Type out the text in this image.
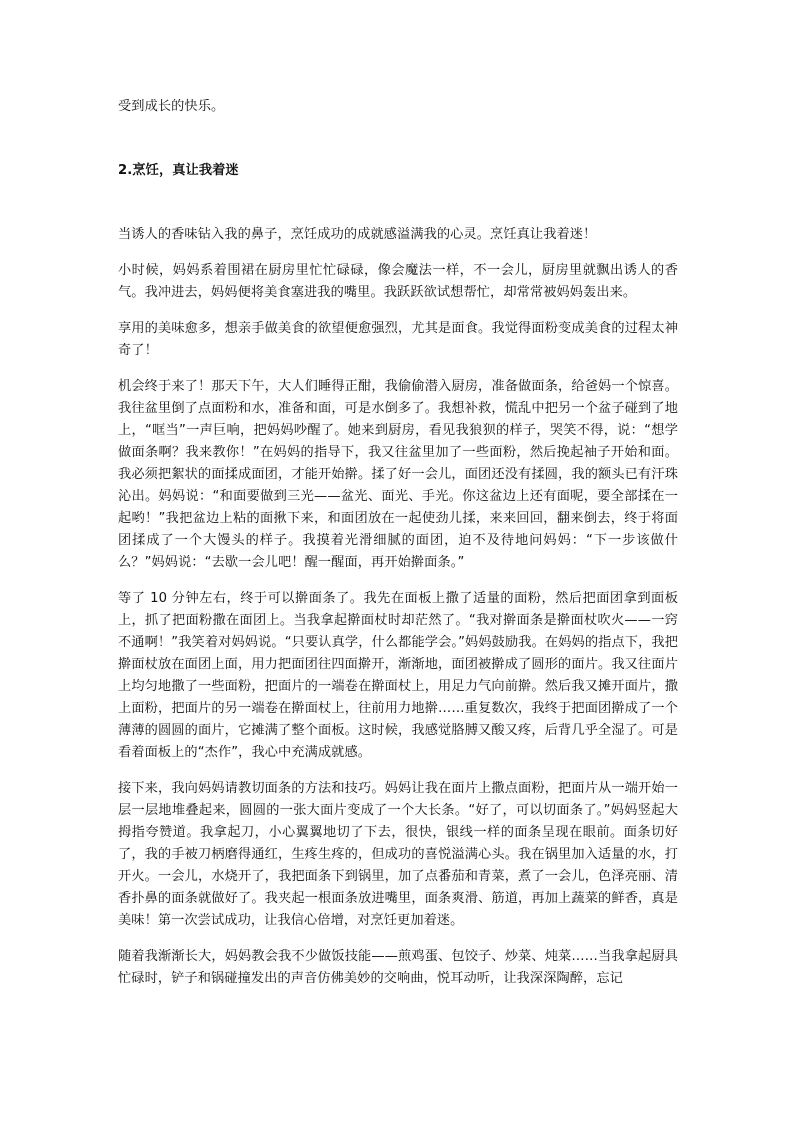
受到成长的快乐。

2.烹饪，真让我着迷

当诱人的香味钻入我的鼻子，烹饪成功的成就感溢满我的心灵。烹饪真让我着迷！

小时候，妈妈系着围裙在厨房里忙忙碌碌，像会魔法一样，不一会儿，厨房里就飘出诱人的香气。我冲进去，妈妈便将美食塞进我的嘴里。我跃跃欲试想帮忙，却常常被妈妈轰出来。

享用的美味愈多，想亲手做美食的欲望便愈强烈，尤其是面食。我觉得面粉变成美食的过程太神奇了！

机会终于来了！那天下午，大人们睡得正酣，我偷偷潜入厨房，准备做面条，给爸妈一个惊喜。我往盆里倒了点面粉和水，准备和面，可是水倒多了。我想补救，慌乱中把另一个盆子碰到了地上，“哐当”一声巨响，把妈妈吵醒了。她来到厨房，看见我狼狈的样子，哭笑不得，说：“想学做面条啊？我来教你！”在妈妈的指导下，我又往盆里加了一些面粉，然后挽起袖子开始和面。我必须把絮状的面揉成面团，才能开始擀。揉了好一会儿，面团还没有揉圆，我的额头已有汗珠沁出。妈妈说：“和面要做到三光——盆光、面光、手光。你这盆边上还有面呢，要全部揉在一起哟！”我把盆边上粘的面揪下来，和面团放在一起使劲儿揉，来来回回，翻来倒去，终于将面团揉成了一个大馒头的样子。我摸着光滑细腻的面团，迫不及待地问妈妈：“下一步该做什么？”妈妈说：“去歇一会儿吧！醒一醒面，再开始擀面条。”

等了 10 分钟左右，终于可以擀面条了。我先在面板上撒了适量的面粉，然后把面团拿到面板上，抓了把面粉撒在面团上。当我拿起擀面杖时却茫然了。“我对擀面条是擀面杖吹火——一窍不通啊！”我笑着对妈妈说。“只要认真学，什么都能学会。”妈妈鼓励我。在妈妈的指点下，我把擀面杖放在面团上面，用力把面团往四面擀开，渐渐地，面团被擀成了圆形的面片。我又往面片上均匀地撒了一些面粉，把面片的一端卷在擀面杖上，用足力气向前擀。然后我又摊开面片，撒上面粉，把面片的另一端卷在擀面杖上，往前用力地擀……重复数次，我终于把面团擀成了一个薄薄的圆圆的面片，它摊满了整个面板。这时候，我感觉胳膊又酸又疼，后背几乎全湿了。可是看着面板上的“杰作”，我心中充满成就感。

接下来，我向妈妈请教切面条的方法和技巧。妈妈让我在面片上撒点面粉，把面片从一端开始一层一层地堆叠起来，圆圆的一张大面片变成了一个大长条。“好了，可以切面条了。”妈妈竖起大拇指夸赞道。我拿起刀，小心翼翼地切了下去，很快，银线一样的面条呈现在眼前。面条切好了，我的手被刀柄磨得通红，生疼生疼的，但成功的喜悦溢满心头。我在锅里加入适量的水，打开火。一会儿，水烧开了，我把面条下到锅里，加了点番茄和青菜，煮了一会儿，色泽亮丽、清香扑鼻的面条就做好了。我夹起一根面条放进嘴里，面条爽滑、筋道，再加上蔬菜的鲜香，真是美味！第一次尝试成功，让我信心倍增，对烹饪更加着迷。

随着我渐渐长大，妈妈教会我不少做饭技能——煎鸡蛋、包饺子、炒菜、炖菜……当我拿起厨具忙碌时，铲子和锅碰撞发出的声音仿佛美妙的交响曲，悦耳动听，让我深深陶醉，忘记
